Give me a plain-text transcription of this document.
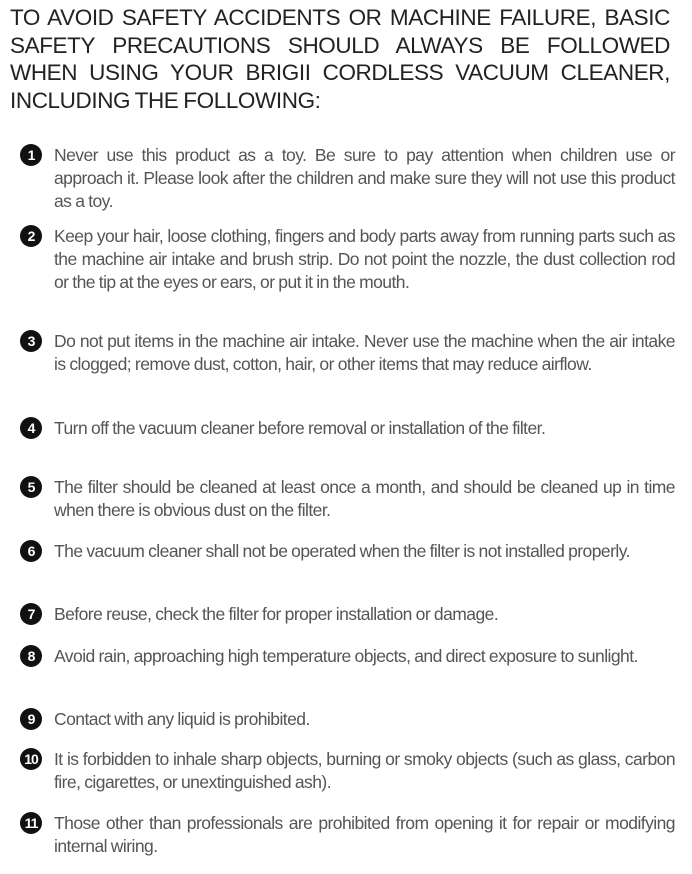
TO AVOID SAFETY ACCIDENTS OR MACHINE FAILURE, BASIC SAFETY PRECAUTIONS SHOULD ALWAYS BE FOLLOWED WHEN USING YOUR BRIGII CORDLESS VACUUM CLEANER, INCLUDING THE FOLLOWING:
1	Never use this product as a toy. Be sure to pay attention when children use or approach it. Please look after the children and make sure they will not use this product as a toy.
2	Keep your hair, loose clothing, fingers and body parts away from running parts such as the machine air intake and brush strip. Do not point the nozzle, the dust collection rod or the tip at the eyes or ears, or put it in the mouth.
3	Do not put items in the machine air intake. Never use the machine when the air intake is clogged; remove dust, cotton, hair, or other items that may reduce airflow.
4	Turn off the vacuum cleaner before removal or installation of the filter.
5	The filter should be cleaned at least once a month, and should be cleaned up in time when there is obvious dust on the filter.
6	The vacuum cleaner shall not be operated when the filter is not installed properly.
7	Before reuse, check the filter for proper installation or damage.
8	Avoid rain, approaching high temperature objects, and direct exposure to sunlight.
9	Contact with any liquid is prohibited.
10 It is forbidden to inhale sharp objects, burning or smoky objects (such as glass, carbon fire, cigarettes, or unextinguished ash).
11 Those other than professionals are prohibited from opening it for repair or modifying internal wiring.
